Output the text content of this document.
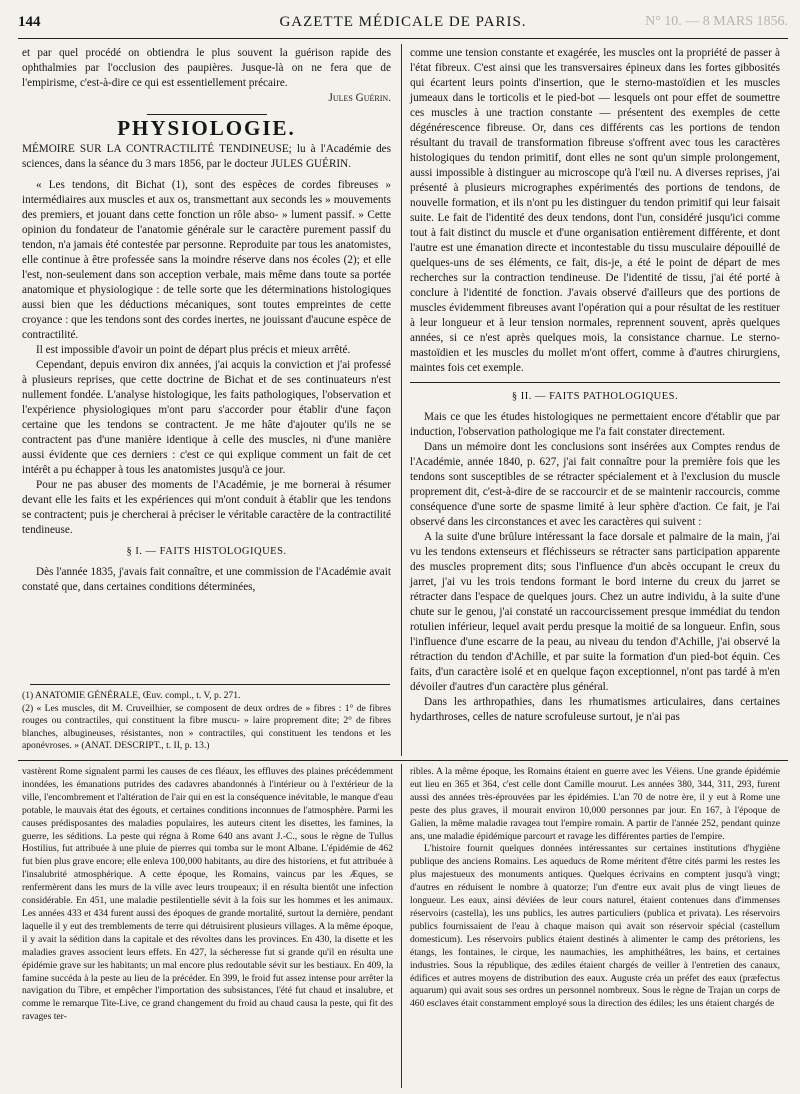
144	GAZETTE MÉDICALE DE PARIS.	N° 10. — 8 MARS 1856.

et par quel procédé on obtiendra le plus souvent la guérison rapide des ophthalmies par l'occlusion des paupières. Jusque-là on ne fera que de l'empirisme, c'est-à-dire ce qui est essentiellement précaire.

Jules Guérin.

PHYSIOLOGIE.

MÉMOIRE SUR LA CONTRACTILITÉ TENDINEUSE; lu à l'Académie des sciences, dans la séance du 3 mars 1856, par le docteur JULES GUÉRIN.

« Les tendons, dit Bichat (1), sont des espèces de cordes fibreuses » intermédiaires aux muscles et aux os, transmettant aux seconds les » mouvements des premiers, et jouant dans cette fonction un rôle abso- » lument passif. » Cette opinion du fondateur de l'anatomie générale sur le caractère purement passif du tendon, n'a jamais été contestée par personne. Reproduite par tous les anatomistes, elle continue à être professée sans la moindre réserve dans nos écoles (2); et elle l'est, non-seulement dans son acception verbale, mais même dans toute sa portée anatomique et physiologique : de telle sorte que les déterminations histologiques aussi bien que les déductions mécaniques, sont toutes empreintes de cette croyance : que les tendons sont des cordes inertes, ne jouissant d'aucune espèce de contractilité.

Il est impossible d'avoir un point de départ plus précis et mieux arrêté.

Cependant, depuis environ dix années, j'ai acquis la conviction et j'ai professé à plusieurs reprises, que cette doctrine de Bichat et de ses continuateurs n'est nullement fondée. L'analyse histologique, les faits pathologiques, l'observation et l'expérience physiologiques m'ont paru s'accorder pour établir d'une façon certaine que les tendons se contractent. Je me hâte d'ajouter qu'ils ne se contractent pas d'une manière identique à celle des muscles, ni d'une manière aussi évidente que ces derniers : c'est ce qui explique comment un fait de cet intérêt a pu échapper à tous les anatomistes jusqu'à ce jour.

Pour ne pas abuser des moments de l'Académie, je me bornerai à résumer devant elle les faits et les expériences qui m'ont conduit à établir que les tendons se contractent; puis je chercherai à préciser le véritable caractère de la contractilité tendineuse.

§ I. — FAITS HISTOLOGIQUES.

Dès l'année 1835, j'avais fait connaître, et une commission de l'Académie avait constaté que, dans certaines conditions déterminées,

(1) ANATOMIE GÉNÉRALE, Œuv. compl., t. V, p. 271.

(2) « Les muscles, dit M. Cruveilhier, se composent de deux ordres de » fibres : 1° de fibres rouges ou contractiles, qui constituent la fibre muscu- » laire proprement dite; 2° de fibres blanches, albugineuses, résistantes, non » contractiles, qui constituent les tendons et les aponévroses. » (ANAT. DESCRIPT., t. II, p. 13.)

comme une tension constante et exagérée, les muscles ont la propriété de passer à l'état fibreux. C'est ainsi que les transversaires épineux dans les fortes gibbosités qui écartent leurs points d'insertion, que le sterno-mastoïdien et les muscles jumeaux dans le torticolis et le pied-bot — lesquels ont pour effet de soumettre ces muscles à une traction constante — présentent des exemples de cette dégénérescence fibreuse. Or, dans ces différents cas les portions de tendon résultant du travail de transformation fibreuse s'offrent avec tous les caractères histologiques du tendon primitif, dont elles ne sont qu'un simple prolongement, aussi impossible à distinguer au microscope qu'à l'œil nu. A diverses reprises, j'ai présenté à plusieurs micrographes expérimentés des portions de tendons, de nouvelle formation, et ils n'ont pu les distinguer du tendon primitif qui leur faisait suite. Le fait de l'identité des deux tendons, dont l'un, considéré jusqu'ici comme tout à fait distinct du muscle et d'une organisation entièrement différente, et dont l'autre est une émanation directe et incontestable du tissu musculaire dépouillé de quelques-uns de ses éléments, ce fait, dis-je, a été le point de départ de mes recherches sur la contraction tendineuse. De l'identité de tissu, j'ai été porté à conclure à l'identité de fonction. J'avais observé d'ailleurs que des portions de muscles évidemment fibreuses avant l'opération qui a pour résultat de les restituer à leur longueur et à leur tension normales, reprennent souvent, après quelques années, si ce n'est après quelques mois, la consistance charnue. Le sterno-mastoïdien et les muscles du mollet m'ont offert, comme à d'autres chirurgiens, maintes fois cet exemple.

§ II. — FAITS PATHOLOGIQUES.

Mais ce que les études histologiques ne permettaient encore d'établir que par induction, l'observation pathologique me l'a fait constater directement.

Dans un mémoire dont les conclusions sont insérées aux Comptes rendus de l'Académie, année 1840, p. 627, j'ai fait connaître pour la première fois que les tendons sont susceptibles de se rétracter spécialement et à l'exclusion du muscle proprement dit, c'est-à-dire de se raccourcir et de se maintenir raccourcis, comme conséquence d'une sorte de spasme limité à leur sphère d'action. Ce fait, je l'ai observé dans les circonstances et avec les caractères qui suivent :

A la suite d'une brûlure intéressant la face dorsale et palmaire de la main, j'ai vu les tendons extenseurs et fléchisseurs se rétracter sans participation apparente des muscles proprement dits; sous l'influence d'un abcès occupant le creux du jarret, j'ai vu les trois tendons formant le bord interne du creux du jarret se rétracter dans l'espace de quelques jours. Chez un autre individu, à la suite d'une chute sur le genou, j'ai constaté un raccourcissement presque immédiat du tendon rotulien inférieur, lequel avait perdu presque la moitié de sa longueur. Enfin, sous l'influence d'une escarre de la peau, au niveau du tendon d'Achille, j'ai observé la rétraction du tendon d'Achille, et par suite la formation d'un pied-bot équin. Ces faits, d'un caractère isolé et en quelque façon exceptionnel, n'ont pas tardé à m'en dévoiler d'autres d'un caractère plus général.

Dans les arthropathies, dans les rhumatismes articulaires, dans certaines hydarthroses, celles de nature scrofuleuse surtout, je n'ai pas

vastèrent Rome signalent parmi les causes de ces fléaux, les effluves des plaines précédemment inondées, les émanations putrides des cadavres abandonnés à l'intérieur ou à l'extérieur de la ville, l'encombrement et l'altération de l'air qui en est la conséquence inévitable, le manque d'eau potable, le mauvais état des égouts, et certaines conditions inconnues de l'atmosphère. Parmi les causes prédisposantes des maladies populaires, les auteurs citent les disettes, les famines, la guerre, les séditions. La peste qui régna à Rome 640 ans avant J.-C., sous le règne de Tullus Hostilius, fut attribuée à une pluie de pierres qui tomba sur le mont Albane. L'épidémie de 462 fut bien plus grave encore; elle enleva 100,000 habitants, au dire des historiens, et fut attribuée à l'insalubrité atmosphérique. A cette époque, les Romains, vaincus par les Æques, se renfermèrent dans les murs de la ville avec leurs troupeaux; il en résulta bientôt une infection considérable. En 451, une maladie pestilentielle sévit à la fois sur les hommes et les animaux. Les années 433 et 434 furent aussi des époques de grande mortalité, surtout la dernière, pendant laquelle il y eut des tremblements de terre qui détruisirent plusieurs villages. A la même époque, il y avait la sédition dans la capitale et des révoltes dans les provinces. En 430, la disette et les maladies graves associent leurs effets. En 427, la sécheresse fut si grande qu'il en résulta une épidémie grave sur les habitants; un mal encore plus redoutable sévit sur les bestiaux. En 409, la famine succéda à la peste au lieu de la précéder. En 399, le froid fut assez intense pour arrêter la navigation du Tibre, et empêcher l'importation des subsistances, l'été fut chaud et insalubre, et comme le remarque Tite-Live, ce grand changement du froid au chaud causa la peste, qui fit des ravages ter-

ribles. A la même époque, les Romains étaient en guerre avec les Véiens. Une grande épidémie eut lieu en 365 et 364, c'est celle dont Camille mourut. Les années 380, 344, 311, 293, furent aussi des années très-éprouvées par les épidémies. L'an 70 de notre ère, il y eut à Rome une peste des plus graves, il mourait environ 10,000 personnes par jour. En 167, à l'époque de Galien, la même maladie ravagea tout l'empire romain. A partir de l'année 252, pendant quinze ans, une maladie épidémique parcourt et ravage les différentes parties de l'empire.

L'histoire fournit quelques données intéressantes sur certaines institutions d'hygiène publique des anciens Romains. Les aqueducs de Rome méritent d'être cités parmi les restes les plus majestueux des monuments antiques. Quelques écrivains en comptent jusqu'à vingt; d'autres en réduisent le nombre à quatorze; l'un d'entre eux avait plus de vingt lieues de longueur. Les eaux, ainsi déviées de leur cours naturel, étaient contenues dans d'immenses réservoirs (castella), les uns publics, les autres particuliers (publica et privata). Les réservoirs publics fournissaient de l'eau à chaque maison qui avait son réservoir spécial (castellum domesticum). Les réservoirs publics étaient destinés à alimenter le camp des prétoriens, les étangs, les fontaines, le cirque, les naumachies, les amphithéâtres, les bains, et certaines industries. Sous la république, des ædiles étaient chargés de veiller à l'entretien des canaux, édifices et autres moyens de distribution des eaux. Auguste créa un préfet des eaux (præfectus aquarum) qui avait sous ses ordres un personnel nombreux. Sous le règne de Trajan un corps de 460 esclaves était constamment employé sous la direction des édiles; les uns étaient chargés de
